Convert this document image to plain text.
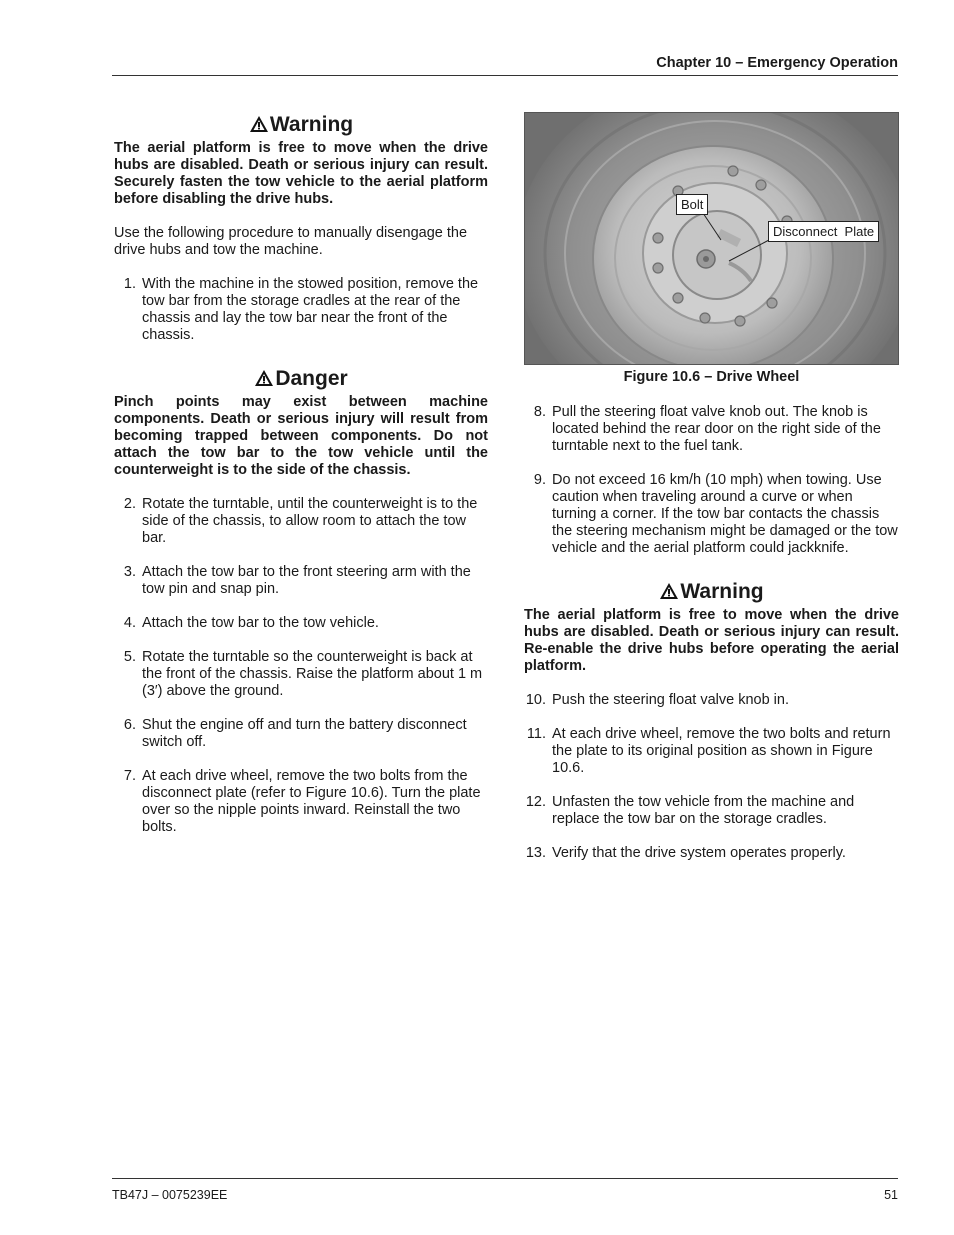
Chapter 10 – Emergency Operation
Warning

The aerial platform is free to move when the drive hubs are disabled. Death or serious injury can result. Securely fasten the tow vehicle to the aerial platform before disabling the drive hubs.

Use the following procedure to manually disengage the drive hubs and tow the machine.

1. With the machine in the stowed position, remove the tow bar from the storage cradles at the rear of the chassis and lay the tow bar near the front of the chassis.
Danger

Pinch points may exist between machine components. Death or serious injury will result from becoming trapped between components. Do not attach the tow bar to the tow vehicle until the counterweight is to the side of the chassis.

2. Rotate the turntable, until the counterweight is to the side of the chassis, to allow room to attach the tow bar.
3. Attach the tow bar to the front steering arm with the tow pin and snap pin.
4. Attach the tow bar to the tow vehicle.
5. Rotate the turntable so the counterweight is back at the front of the chassis. Raise the platform about 1 m (3′) above the ground.
6. Shut the engine off and turn the battery disconnect switch off.
7. At each drive wheel, remove the two bolts from the disconnect plate (refer to Figure 10.6). Turn the plate over so the nipple points inward. Reinstall the two bolts.
Bolt
Disconnect  Plate
Figure 10.6 – Drive Wheel
8. Pull the steering float valve knob out. The knob is located behind the rear door on the right side of the turntable next to the fuel tank.
9. Do not exceed 16 km/h (10 mph) when towing. Use caution when traveling around a curve or when turning a corner. If the tow bar contacts the chassis the steering mechanism might be damaged or the tow vehicle and the aerial platform could jackknife.
Warning

The aerial platform is free to move when the drive hubs are disabled. Death or serious injury can result. Re-enable the drive hubs before operating the aerial platform.

10. Push the steering float valve knob in.
11. At each drive wheel, remove the two bolts and return the plate to its original position as shown in Figure 10.6.
12. Unfasten the tow vehicle from the machine and replace the tow bar on the storage cradles.
13. Verify that the drive system operates properly.
TB47J – 0075239EE	51
